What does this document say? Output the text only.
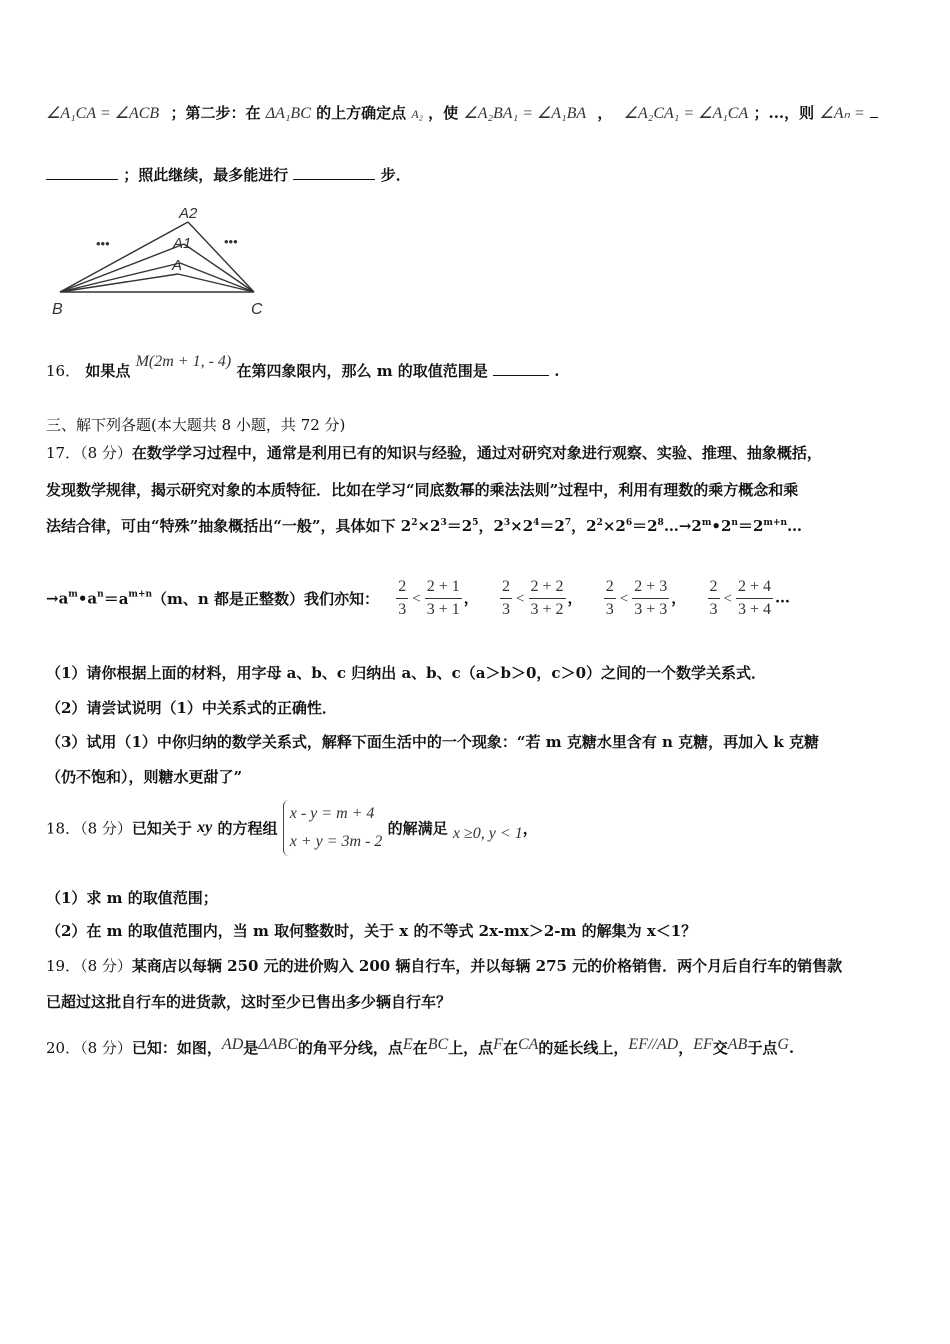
∠A₁CA = ∠ACB ；第二步：在 ΔA₁BC 的上方确定点 A₂ ，使 ∠A₂BA₁ = ∠A₁BA ， ∠A₂CA₁ = ∠A₁CA ；...，则 ∠Aₙ =
；照此继续，最多能进行	步．
A2
A1
A
B	C
•••	•••
16． 如果点 M(2m + 1, - 4) 在第四象限内，那么 m 的取值范围是	.
三、解下列各题(本大题共 8 小题，共 72 分)
17．（8 分）在数学学习过程中，通常是利用已有的知识与经验，通过对研究对象进行观察、实验、推理、抽象概括，
发现数学规律，揭示研究对象的本质特征．比如在学习“同底数幂的乘法法则”过程中，利用有理数的乘方概念和乘
法结合律，可由“特殊”抽象概括出“一般”，具体如下 $2^2\times 2^3=2^5$，$2^3\times 2^4=2^7$，$2^2\times 2^6=2^8\dots\to 2^m•2^n=2^{m+n}\dots$
$\to a^m•a^n=a^{m+n}(m$、n 都是正整数）我们亦知： $\frac{2}{3} < \frac{2 + 1}{3 + 1}$ ， $\frac{2}{3} < \frac{2 + 2}{3 + 2}$ ， $\frac{2}{3} < \frac{2 + 3}{3 + 3}$ ， $\frac{2}{3} < \frac{2 + 4}{3 + 4}$ …
（1）请你根据上面的材料，用字母 a、b、c 归纳出 a、b、c（a＞b＞0，c＞0）之间的一个数学关系式．
（2）请尝试说明（1）中关系式的正确性．
（3）试用（1）中你归纳的数学关系式，解释下面生活中的一个现象：“若 m 克糖水里含有 n 克糖，再加入 k 克糖
（仍不饱和），则糖水更甜了”
18．（8 分）已知关于 xy 的方程组
x - y = m + 4
x + y = 3m - 2
的解满足 x ≥0, y < 1，
（1）求 m 的取值范围；
（2）在 m 的取值范围内，当 m 取何整数时，关于 x 的不等式 2x-mx＞2-m 的解集为 x＜1？
19．（8 分）某商店以每辆 250 元的进价购入 200 辆自行车，并以每辆 275 元的价格销售．两个月后自行车的销售款
已超过这批自行车的进货款，这时至少已售出多少辆自行车？
20．（8 分）已知：如图，AD是ΔABC的角平分线，点E在BC上，点F在CA的延长线上，EF//AD，EF交AB于点G.
